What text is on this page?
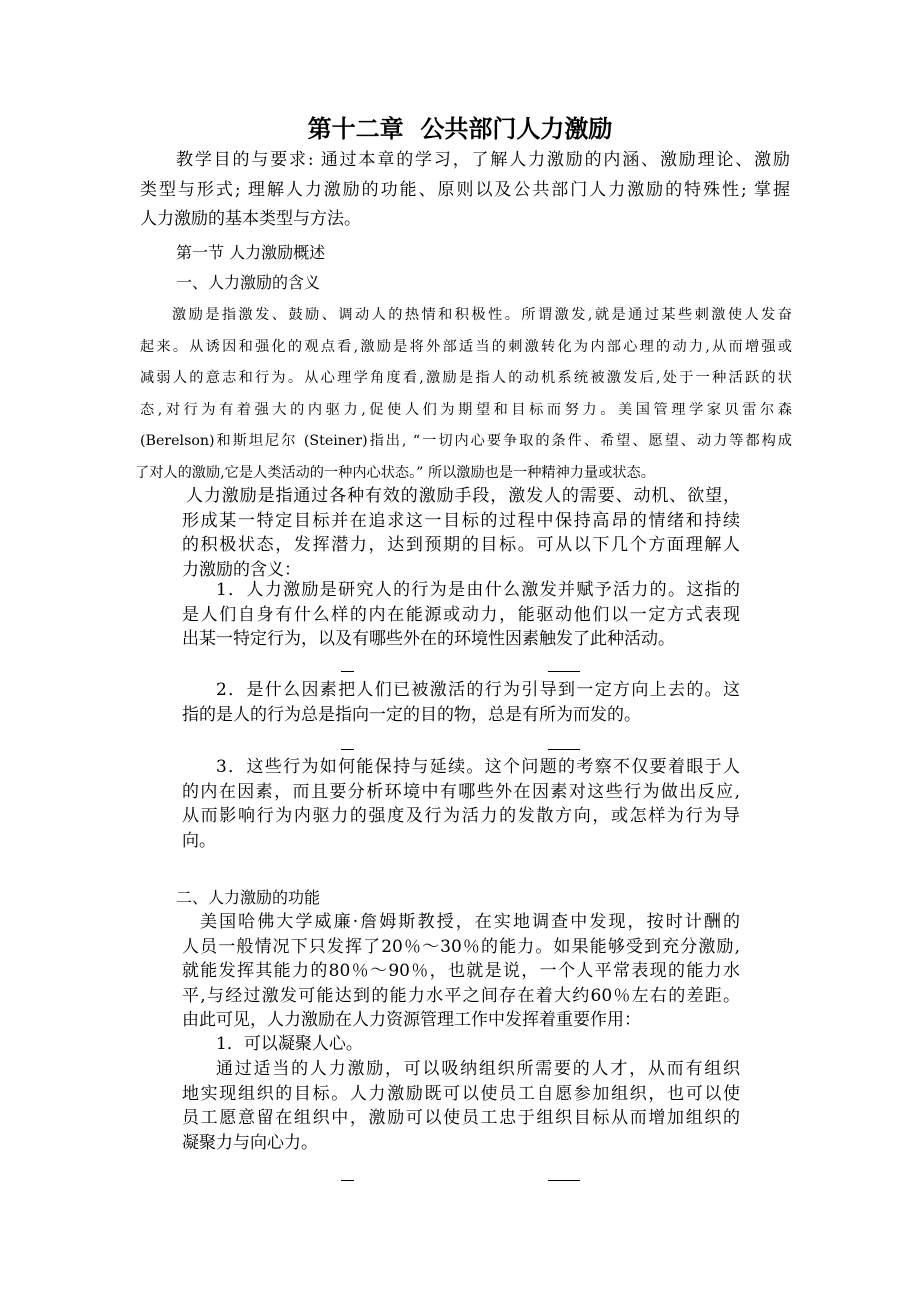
第十二章  公共部门人力激励
教学目的与要求: 通过本章的学习，了解人力激励的内涵、激励理论、激励
类型与形式; 理解人力激励的功能、原则以及公共部门人力激励的特殊性; 掌握
人力激励的基本类型与方法。
第一节 人力激励概述
一、人力激励的含义
激励是指激发、鼓励、调动人的热情和积极性。所谓激发,就是通过某些刺激使人发奋
起来。从诱因和强化的观点看,激励是将外部适当的刺激转化为内部心理的动力,从而增强或
减弱人的意志和行为。从心理学角度看,激励是指人的动机系统被激发后,处于一种活跃的状
态,对行为有着强大的内驱力,促使人们为期望和目标而努力。美国管理学家贝雷尔森
(Berelson)和斯坦尼尔 (Steiner)指出, “一切内心要争取的条件、希望、愿望、动力等都构成
了对人的激励,它是人类活动的一种内心状态。” 所以激励也是一种精神力量或状态。
人力激励是指通过各种有效的激励手段，激发人的需要、动机、欲望，
形成某一特定目标并在追求这一目标的过程中保持高昂的情绪和持续
的积极状态，发挥潜力，达到预期的目标。可从以下几个方面理解人
力激励的含义：
1．人力激励是研究人的行为是由什么激发并赋予活力的。这指的
是人们自身有什么样的内在能源或动力，能驱动他们以一定方式表现
出某一特定行为，以及有哪些外在的环境性因素触发了此种活动。
2．是什么因素把人们已被激活的行为引导到一定方向上去的。这
指的是人的行为总是指向一定的目的物，总是有所为而发的。
3．这些行为如何能保持与延续。这个问题的考察不仅要着眼于人
的内在因素，而且要分析环境中有哪些外在因素对这些行为做出反应,
从而影响行为内驱力的强度及行为活力的发散方向，或怎样为行为导
向。
二、人力激励的功能
美国哈佛大学威廉·詹姆斯教授，在实地调查中发现，按时计酬的
人员一般情况下只发挥了20％～30％的能力。如果能够受到充分激励,
就能发挥其能力的80％～90％，也就是说，一个人平常表现的能力水
平,与经过激发可能达到的能力水平之间存在着大约60％左右的差距。
由此可见，人力激励在人力资源管理工作中发挥着重要作用：
1．可以凝聚人心。
通过适当的人力激励，可以吸纳组织所需要的人才，从而有组织
地实现组织的目标。人力激励既可以使员工自愿参加组织，也可以使
员工愿意留在组织中，激励可以使员工忠于组织目标从而增加组织的
凝聚力与向心力。
